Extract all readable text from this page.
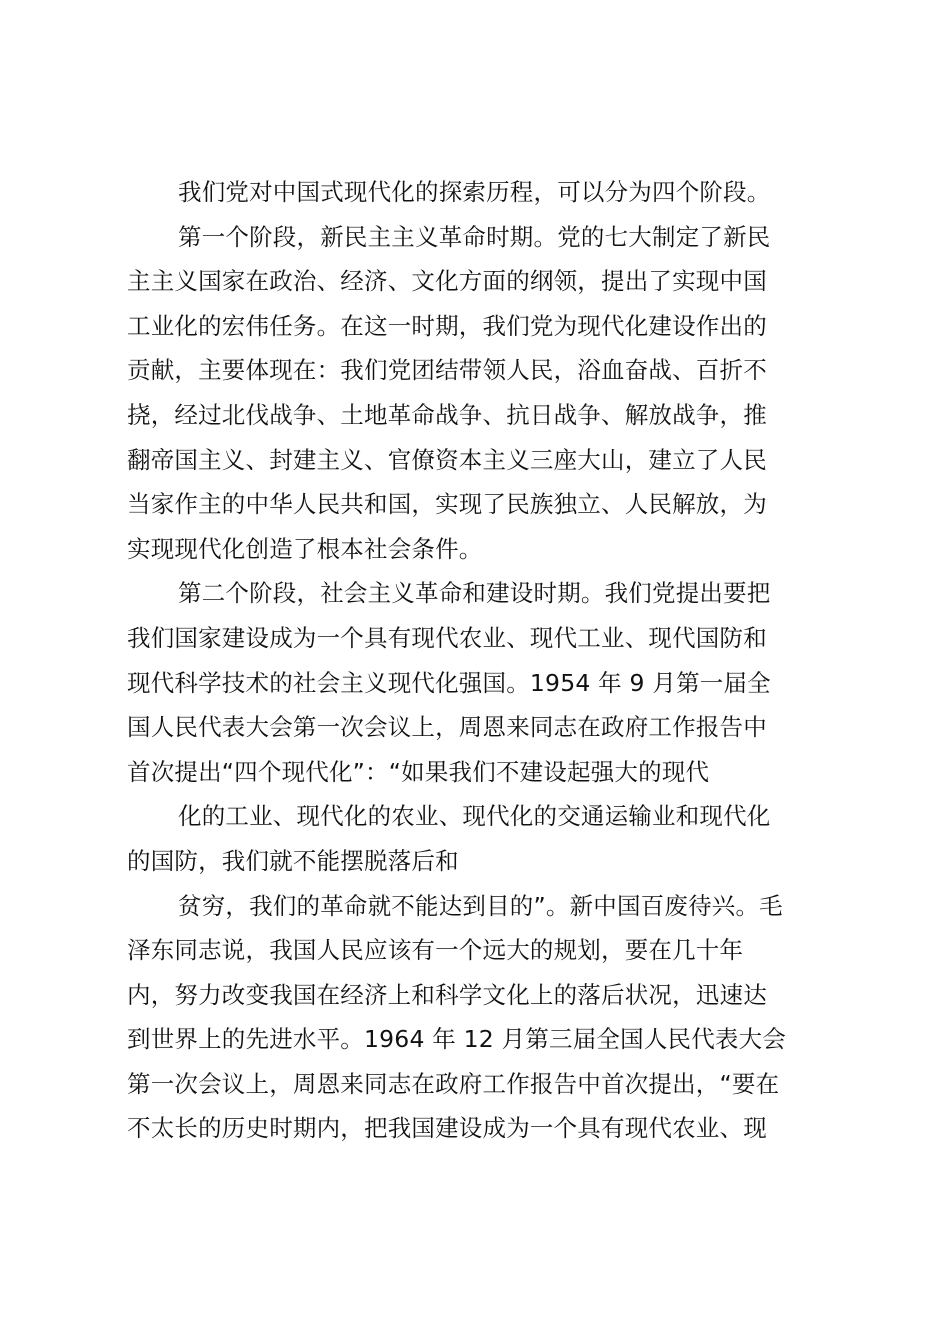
我们党对中国式现代化的探索历程，可以分为四个阶段。
第一个阶段，新民主主义革命时期。党的七大制定了新民
主主义国家在政治、经济、文化方面的纲领，提出了实现中国
工业化的宏伟任务。在这一时期，我们党为现代化建设作出的
贡献，主要体现在：我们党团结带领人民，浴血奋战、百折不
挠，经过北伐战争、土地革命战争、抗日战争、解放战争，推
翻帝国主义、封建主义、官僚资本主义三座大山，建立了人民
当家作主的中华人民共和国，实现了民族独立、人民解放，为
实现现代化创造了根本社会条件。
第二个阶段，社会主义革命和建设时期。我们党提出要把
我们国家建设成为一个具有现代农业、现代工业、现代国防和
现代科学技术的社会主义现代化强国。1954 年 9 月第一届全
国人民代表大会第一次会议上，周恩来同志在政府工作报告中
首次提出“四个现代化”：“如果我们不建设起强大的现代
化的工业、现代化的农业、现代化的交通运输业和现代化
的国防，我们就不能摆脱落后和
贫穷，我们的革命就不能达到目的”。新中国百废待兴。毛
泽东同志说，我国人民应该有一个远大的规划，要在几十年
内，努力改变我国在经济上和科学文化上的落后状况，迅速达
到世界上的先进水平。1964 年 12 月第三届全国人民代表大会
第一次会议上，周恩来同志在政府工作报告中首次提出，“要在
不太长的历史时期内，把我国建设成为一个具有现代农业、现
